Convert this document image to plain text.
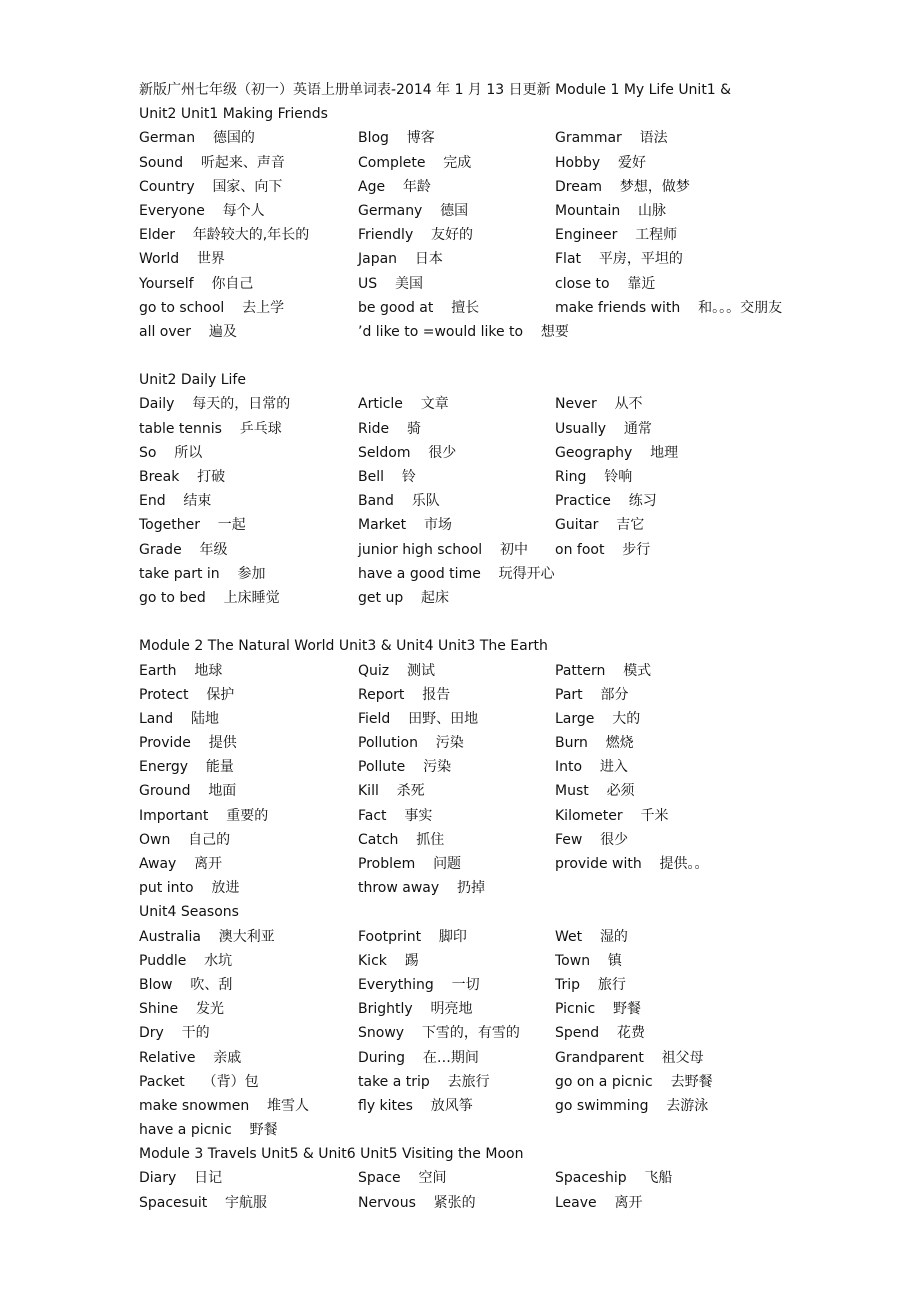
新版广州七年级（初一）英语上册单词表-2014 年 1 月 13 日更新 Module 1 My Life Unit1 &
Unit2 Unit1 Making Friends
German 德国的	Blog 博客	Grammar 语法
Sound 听起来、声音	Complete 完成	Hobby 爱好
Country 国家、向下	Age 年龄	Dream 梦想，做梦
Everyone 每个人	Germany 德国	Mountain 山脉
Elder 年龄较大的,年长的	Friendly 友好的	Engineer 工程师
World 世界	Japan 日本	Flat 平房，平坦的
Yourself 你自己	US 美国	close to 靠近
go to school 去上学	be good at 擅长	make friends with 和。。。交朋友
all over 遍及	’d like to =would like to 想要
Unit2 Daily Life
Daily 每天的，日常的	Article 文章	Never 从不
table tennis 乒乓球	Ride 骑	Usually 通常
So 所以	Seldom 很少	Geography 地理
Break 打破	Bell 铃	Ring 铃响
End 结束	Band 乐队	Practice 练习
Together 一起	Market 市场	Guitar 吉它
Grade 年级	junior high school 初中 on foot 步行
take part in 参加	have a good time 玩得开心
go to bed 上床睡觉	get up 起床
Module 2 The Natural World Unit3 & Unit4 Unit3 The Earth
Earth 地球	Quiz 测试	Pattern 模式
Protect 保护	Report 报告	Part 部分
Land 陆地	Field 田野、田地	Large 大的
Provide 提供	Pollution 污染	Burn 燃烧
Energy 能量	Pollute 污染	Into 进入
Ground 地面	Kill 杀死	Must 必须
Important 重要的	Fact 事实	Kilometer 千米
Own 自己的	Catch 抓住	Few 很少
Away 离开	Problem 问题	provide with 提供。。
put into 放进	throw away 扔掉
Unit4 Seasons
Australia 澳大利亚	Footprint 脚印	Wet 湿的
Puddle 水坑	Kick 踢	Town 镇
Blow 吹、刮	Everything 一切	Trip 旅行
Shine 发光	Brightly 明亮地	Picnic 野餐
Dry 干的	Snowy 下雪的，有雪的	Spend 花费
Relative 亲戚	During 在…期间	Grandparent 祖父母
Packet （背）包	take a trip 去旅行	go on a picnic 去野餐
make snowmen 堆雪人	fly kites 放风筝	go swimming 去游泳
have a picnic 野餐
Module 3 Travels Unit5 & Unit6 Unit5 Visiting the Moon
Diary 日记	Space 空间	Spaceship 飞船
Spacesuit 宇航服	Nervous 紧张的	Leave 离开
